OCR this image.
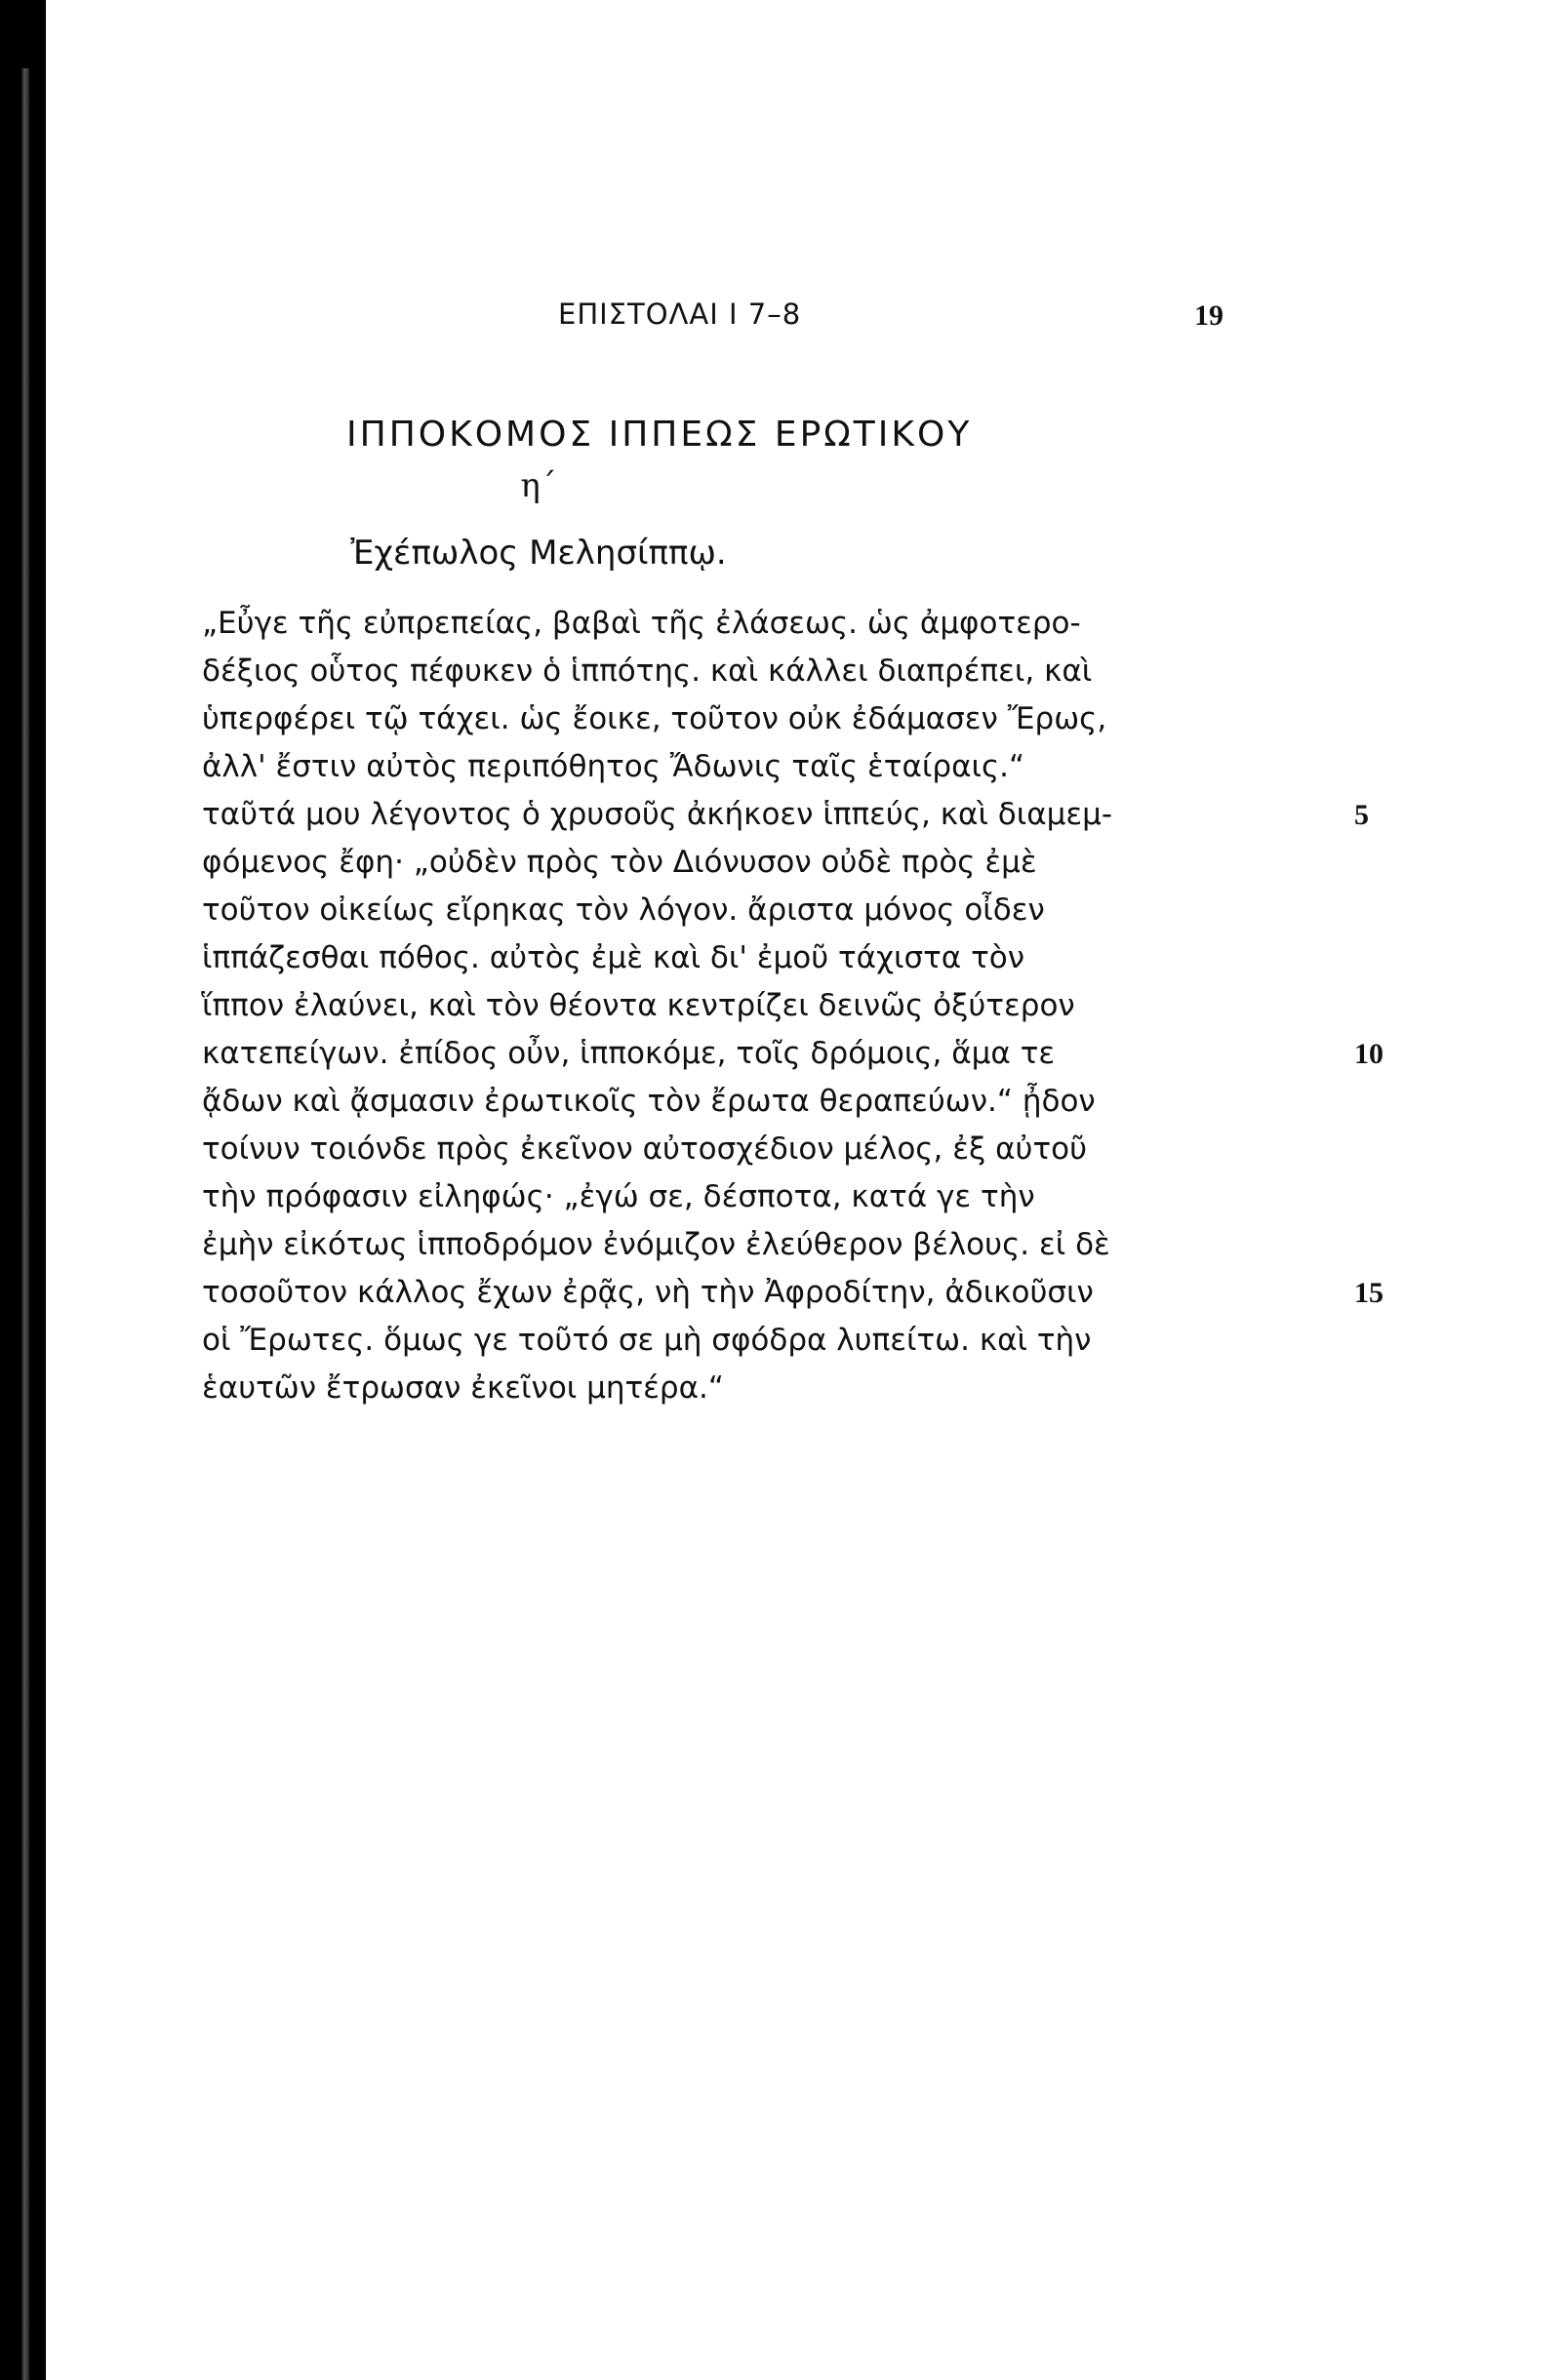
ΕΠΙΣΤΟΛΑΙ Ι 7–8	19
ΙΠΠΟΚΟΜΟΣ ΙΠΠΕΩΣ ΕΡΩΤΙΚΟΥ
η΄
Ἐχέπωλος Μελησίππῳ.
„Εὖγε τῆς εὐπρεπείας, βαβαὶ τῆς ἐλάσεως. ὡς ἀμφοτερο-
δέξιος οὗτος πέφυκεν ὁ ἱππότης. καὶ κάλλει διαπρέπει, καὶ
ὑπερφέρει τῷ τάχει. ὡς ἔοικε, τοῦτον οὐκ ἐδάμασεν Ἔρως,
ἀλλ' ἔστιν αὐτὸς περιπόθητος Ἄδωνις ταῖς ἑταίραις.“
ταῦτά μου λέγοντος ὁ χρυσοῦς ἀκήκοεν ἱππεύς, καὶ διαμεμ-	5
φόμενος ἔφη· „οὐδὲν πρὸς τὸν Διόνυσον οὐδὲ πρὸς ἐμὲ
τοῦτον οἰκείως εἴρηκας τὸν λόγον. ἄριστα μόνος οἶδεν
ἱππάζεσθαι πόθος. αὐτὸς ἐμὲ καὶ δι' ἐμοῦ τάχιστα τὸν
ἵππον ἐλαύνει, καὶ τὸν θέοντα κεντρίζει δεινῶς ὀξύτερον
κατεπείγων. ἐπίδος οὖν, ἱπποκόμε, τοῖς δρόμοις, ἅμα τε	10
ᾄδων καὶ ᾄσμασιν ἐρωτικοῖς τὸν ἔρωτα θεραπεύων.“ ᾖδον
τοίνυν τοιόνδε πρὸς ἐκεῖνον αὐτοσχέδιον μέλος, ἐξ αὐτοῦ
τὴν πρόφασιν εἰληφώς· „ἐγώ σε, δέσποτα, κατά γε τὴν
ἐμὴν εἰκότως ἱπποδρόμον ἐνόμιζον ἐλεύθερον βέλους. εἰ δὲ
τοσοῦτον κάλλος ἔχων ἐρᾷς, νὴ τὴν Ἀφροδίτην, ἀδικοῦσιν	15
οἱ Ἔρωτες. ὅμως γε τοῦτό σε μὴ σφόδρα λυπείτω. καὶ τὴν
ἑαυτῶν ἔτρωσαν ἐκεῖνοι μητέρα.“
